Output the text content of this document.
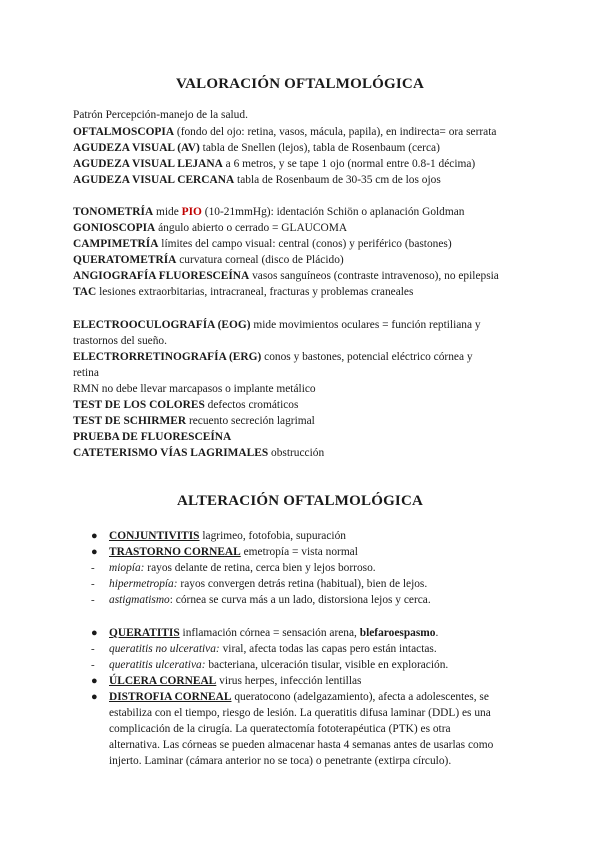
VALORACIÓN OFTALMOLÓGICA

Patrón Percepción-manejo de la salud.

OFTALMOSCOPIA (fondo del ojo: retina, vasos, mácula, papila), en indirecta= ora serrata

AGUDEZA VISUAL (AV) tabla de Snellen (lejos), tabla de Rosenbaum (cerca)

AGUDEZA VISUAL LEJANA a 6 metros, y se tape 1 ojo (normal entre 0.8-1 décima)

AGUDEZA VISUAL CERCANA tabla de Rosenbaum de 30-35 cm de los ojos

TONOMETRÍA mide PIO (10-21mmHg): identación Schiön o aplanación Goldman

GONIOSCOPIA ángulo abierto o cerrado = GLAUCOMA

CAMPIMETRÍA límites del campo visual: central (conos) y periférico (bastones)

QUERATOMETRÍA curvatura corneal (disco de Plácido)

ANGIOGRAFÍA FLUORESCEÍNA vasos sanguíneos (contraste intravenoso), no epilepsia

TAC lesiones extraorbitarias, intracraneal, fracturas y problemas craneales

ELECTROOCULOGRAFÍA (EOG) mide movimientos oculares = función reptiliana y

trastornos del sueño.

ELECTRORRETINOGRAFÍA (ERG) conos y bastones, potencial eléctrico córnea y

retina

RMN no debe llevar marcapasos o implante metálico

TEST DE LOS COLORES defectos cromáticos

TEST DE SCHIRMER recuento secreción lagrimal

PRUEBA DE FLUORESCEÍNA

CATETERISMO VÍAS LAGRIMALES obstrucción

ALTERACIÓN OFTALMOLÓGICA
● CONJUNTIVITIS lagrimeo, fotofobia, supuración

● TRASTORNO CORNEAL emetropía = vista normal

- miopía: rayos delante de retina, cerca bien y lejos borroso.

- hipermetropía: rayos convergen detrás retina (habitual), bien de lejos.

- astigmatismo: córnea se curva más a un lado, distorsiona lejos y cerca.

● QUERATITIS inflamación córnea = sensación arena, blefaroespasmo.

- queratitis no ulcerativa: viral, afecta todas las capas pero están intactas.

- queratitis ulcerativa: bacteriana, ulceración tisular, visible en exploración.

● ÚLCERA CORNEAL virus herpes, infección lentillas

● DISTROFIA CORNEAL queratocono (adelgazamiento), afecta a adolescentes, se

estabiliza con el tiempo, riesgo de lesión. La queratitis difusa laminar (DDL) es una

complicación de la cirugía. La queratectomía fototerapéutica (PTK) es otra

alternativa. Las córneas se pueden almacenar hasta 4 semanas antes de usarlas como

injerto. Laminar (cámara anterior no se toca) o penetrante (extirpa círculo).
